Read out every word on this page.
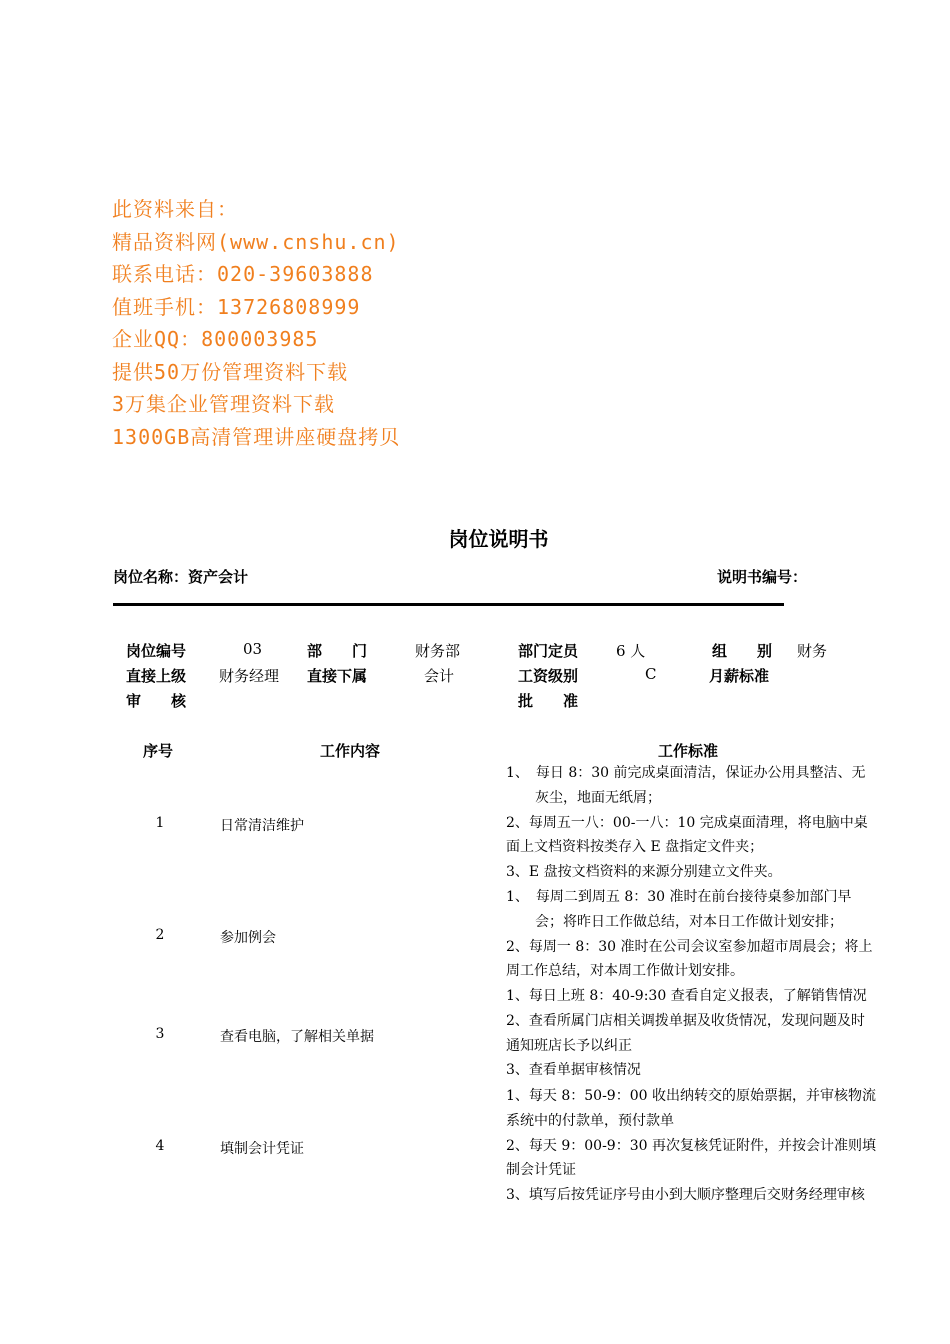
此资料来自：
精品资料网(www.cnshu.cn)
联系电话：020-39603888
值班手机：13726808999
企业QQ：800003985
提供50万份管理资料下载
3万集企业管理资料下载
1300GB高清管理讲座硬盘拷贝
岗位说明书
岗位名称：资产会计	说明书编号：
岗位编号	03	部　　门	财务部	部门定员	6 人	组　　别 财务
直接上级 财务经理 直接下属	会计	工资级别	C	月薪标准
审　　核	批　　准
序号	工作内容	工作标准
1	日常清洁维护

1、　每日 8：30 前完成桌面清洁，保证办公用具整洁、无灰尘，地面无纸屑；

2、每周五一八：00-一八：10 完成桌面清理，将电脑中桌面上文档资料按类存入 E 盘指定文件夹；

3、E 盘按文档资料的来源分别建立文件夹。

2	参加例会

1、　每周二到周五 8：30 准时在前台接待桌参加部门早会；将昨日工作做总结，对本日工作做计划安排；

2、每周一 8：30 准时在公司会议室参加超市周晨会；将上周工作总结，对本周工作做计划安排。

3	查看电脑，了解相关单据

1、每日上班 8：40-9:30 查看自定义报表，了解销售情况

2、查看所属门店相关调拨单据及收货情况，发现问题及时通知班店长予以纠正

3、查看单据审核情况

4	填制会计凭证

1、每天 8：50-9：00 收出纳转交的原始票据，并审核物流系统中的付款单，预付款单

2、每天 9：00-9：30 再次复核凭证附件，并按会计准则填制会计凭证

3、填写后按凭证序号由小到大顺序整理后交财务经理审核
